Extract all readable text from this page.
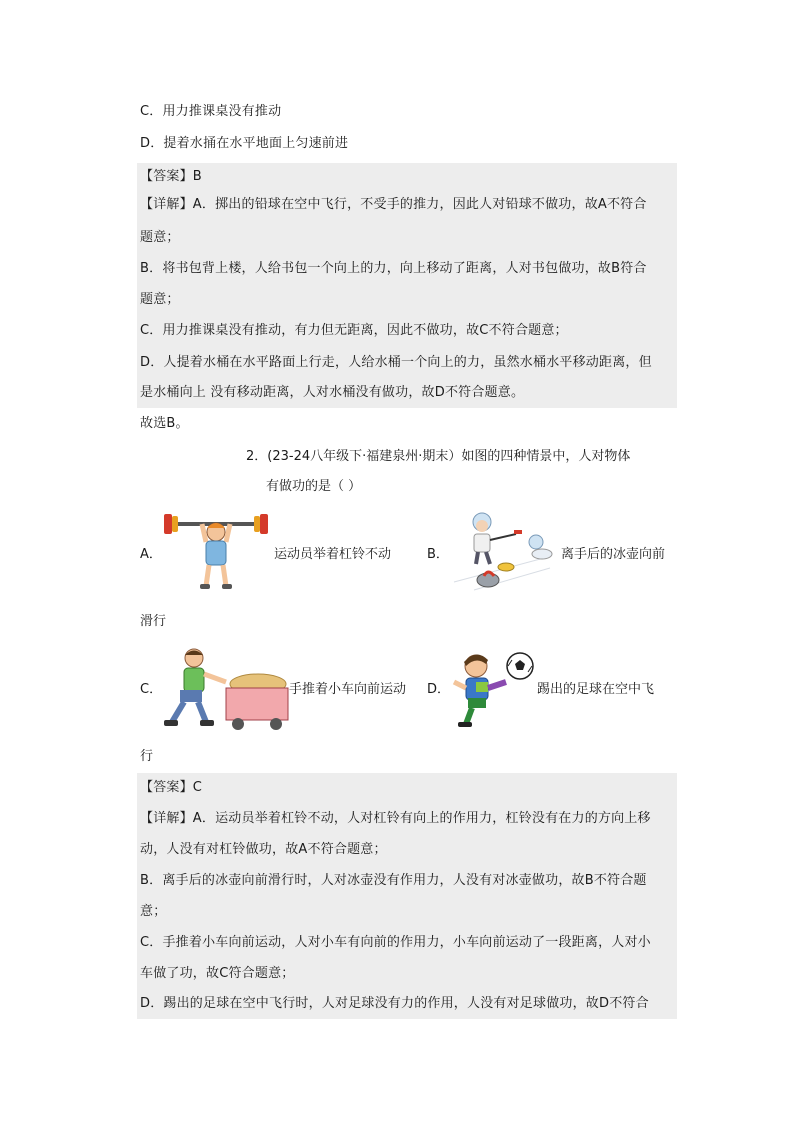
C．用力推课桌没有推动
D．提着水捅在水平地面上匀速前进
【答案】B
【详解】A．掷出的铅球在空中飞行，不受手的推力，因此人对铅球不做功，故A不符合
题意；
B．将书包背上楼，人给书包一个向上的力，向上移动了距离，人对书包做功，故B符合
题意；
C．用力推课桌没有推动，有力但无距离，因此不做功，故C不符合题意；
D．人提着水桶在水平路面上行走，人给水桶一个向上的力，虽然水桶水平移动距离，但
是水桶向上 没有移动距离，人对水桶没有做功，故D不符合题意。
故选B。
2．(23-24八年级下·福建泉州·期末）如图的四种情景中，人对物体
有做功的是（ ）
A．	运动员举着杠铃不动	B．	离手后的冰壶向前
滑行
C．	手推着小车向前运动 D．	踢出的足球在空中飞
行
【答案】C
【详解】A．运动员举着杠铃不动，人对杠铃有向上的作用力，杠铃没有在力的方向上移
动，人没有对杠铃做功，故A不符合题意；
B．离手后的冰壶向前滑行时，人对冰壶没有作用力，人没有对冰壶做功，故B不符合题
意；
C．手推着小车向前运动，人对小车有向前的作用力，小车向前运动了一段距离，人对小
车做了功，故C符合题意；
D．踢出的足球在空中飞行时，人对足球没有力的作用，人没有对足球做功，故D不符合
